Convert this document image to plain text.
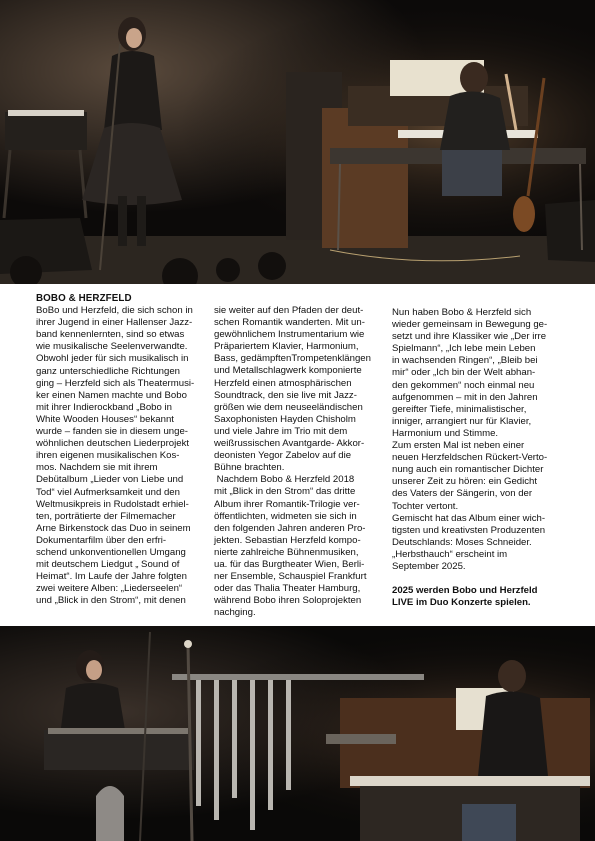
BOBO & HERZFELD

BoBo und Herzfeld, die sich schon in

ihrer Jugend in einer Hallenser Jazz-

band kennenlernten, sind so etwas

wie musikalische Seelenverwandte.

Obwohl jeder für sich musikalisch in

ganz unterschiedliche Richtungen

ging – Herzfeld sich als Theatermusi-

ker einen Namen machte und Bobo

mit ihrer Indierockband „Bobo in

White Wooden Houses“ bekannt

wurde – fanden sie in diesem unge-

wöhnlichen deutschen Liederprojekt

ihren eigenen musikalischen Kos-

mos. Nachdem sie mit ihrem

Debütalbum „Lieder von Liebe und

Tod“ viel Aufmerksamkeit und den

Weltmusikpreis in Rudolstadt erhiel-

ten, porträtierte der Filmemacher

Arne Birkenstock das Duo in seinem

Dokumentarfilm über den erfri-

schend unkonventionellen Umgang

mit deutschem Liedgut „ Sound of

Heimat“. Im Laufe der Jahre folgten

zwei weitere Alben: „Liederseelen“

und „Blick in den Strom“, mit denen

sie weiter auf den Pfaden der deut-

schen Romantik wanderten. Mit un-

gewöhnlichem Instrumentarium wie

Präpariertem Klavier, Harmonium,

Bass, gedämpftenTrompetenklängen

und Metallschlagwerk komponierte

Herzfeld einen atmosphärischen

Soundtrack, den sie live mit Jazz-

größen wie dem neuseeländischen

Saxophonisten Hayden Chisholm

und viele Jahre im Trio mit dem

weißrussischen Avantgarde- Akkor-

deonisten Yegor Zabelov auf die

Bühne brachten.

Nachdem Bobo & Herzfeld 2018

mit „Blick in den Strom“ das dritte

Album ihrer Romantik-Trilogie ver-

öffentlichten, widmeten sie sich in

den folgenden Jahren anderen Pro-

jekten. Sebastian Herzfeld kompo-

nierte zahlreiche Bühnenmusiken,

ua. für das Burgtheater Wien, Berli-

ner Ensemble, Schauspiel Frankfurt

oder das Thalia Theater Hamburg,

während Bobo ihren Soloprojekten

nachging.

Nun haben Bobo & Herzfeld sich

wieder gemeinsam in Bewegung ge-

setzt und ihre Klassiker wie „Der irre

Spielmann“, „Ich lebe mein Leben

in wachsenden Ringen“, „Bleib bei

mir“ oder „Ich bin der Welt abhan-

den gekommen“ noch einmal neu

aufgenommen – mit in den Jahren

gereifter Tiefe, minimalistischer,

inniger, arrangiert nur für Klavier,

Harmonium und Stimme.

Zum ersten Mal ist neben einer

neuen Herzfeldschen Rückert-Verto-

nung auch ein romantischer Dichter

unserer Zeit zu hören: ein Gedicht

des Vaters der Sängerin, von der

Tochter vertont.

Gemischt hat das Album einer wich-

tigsten und kreativsten Produzenten

Deutschlands: Moses Schneider.

„Herbsthauch“ erscheint im

September 2025.

2025 werden Bobo und Herzfeld

LIVE im Duo Konzerte spielen.
